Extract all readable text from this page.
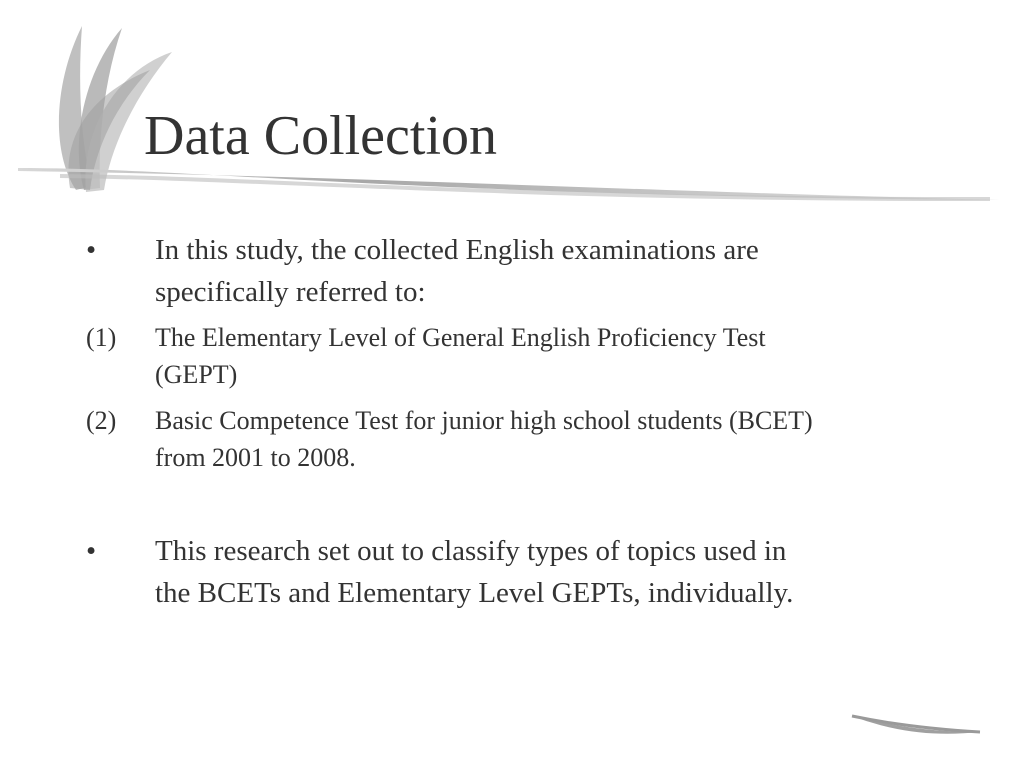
Data Collection
• In this study, the collected English examinations are
specifically referred to:
(1) The Elementary Level of General English Proficiency Test
(GEPT)
(2) Basic Competence Test for junior high school students (BCET)
from 2001 to 2008.
• This research set out to classify types of topics used in
the BCETs and Elementary Level GEPTs, individually.
